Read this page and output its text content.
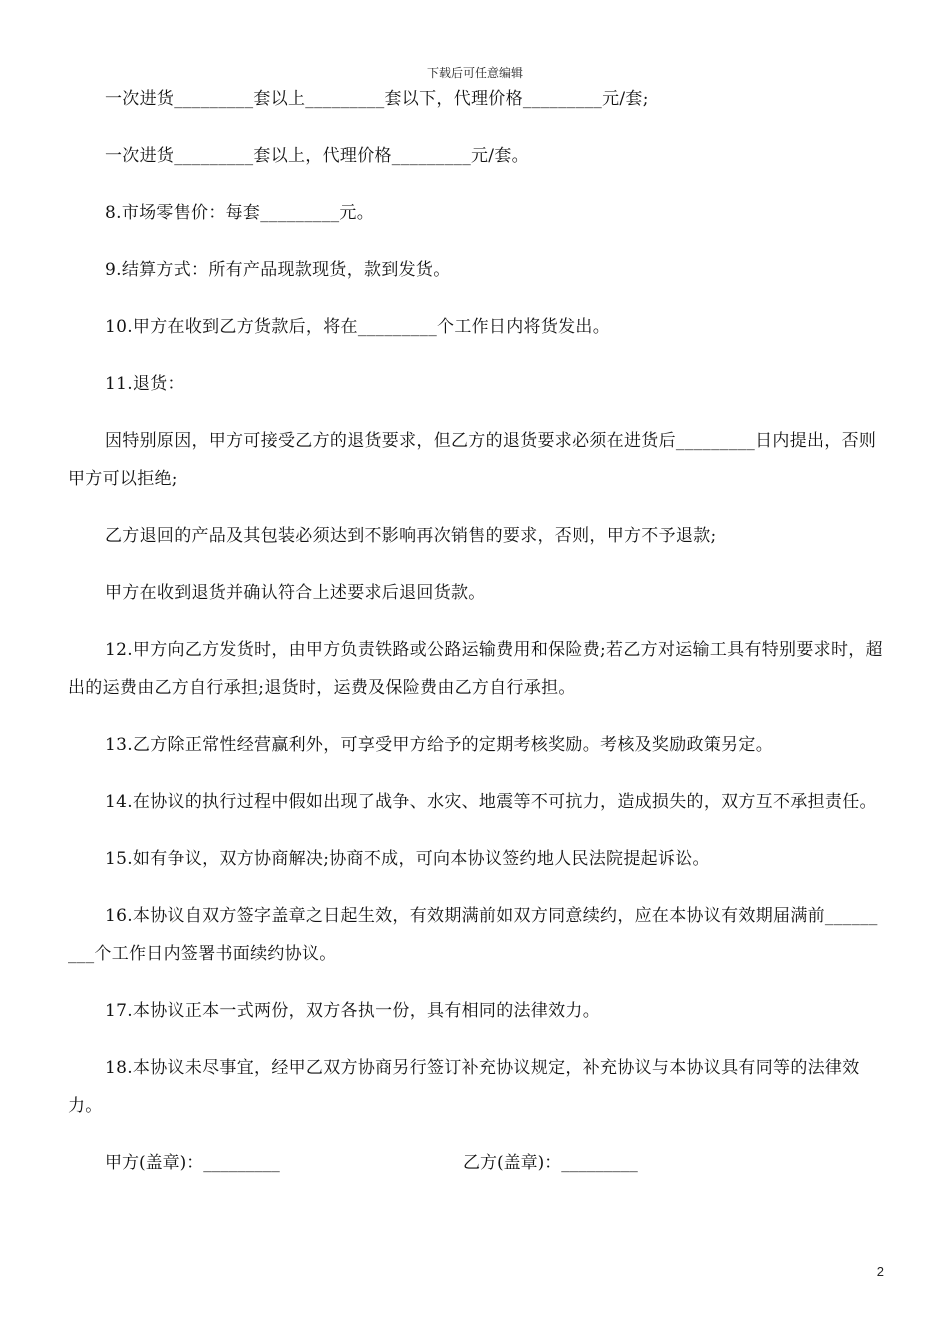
下载后可任意编辑

一次进货_________套以上_________套以下，代理价格_________元/套;

一次进货_________套以上，代理价格_________元/套。

8.市场零售价：每套_________元。

9.结算方式：所有产品现款现货，款到发货。

10.甲方在收到乙方货款后，将在_________个工作日内将货发出。

11.退货：

因特别原因，甲方可接受乙方的退货要求，但乙方的退货要求必须在进货后_________日内提出，否则甲方可以拒绝;

乙方退回的产品及其包装必须达到不影响再次销售的要求，否则，甲方不予退款;

甲方在收到退货并确认符合上述要求后退回货款。

12.甲方向乙方发货时，由甲方负责铁路或公路运输费用和保险费;若乙方对运输工具有特别要求时，超出的运费由乙方自行承担;退货时，运费及保险费由乙方自行承担。

13.乙方除正常性经营赢利外，可享受甲方给予的定期考核奖励。考核及奖励政策另定。

14.在协议的执行过程中假如出现了战争、水灾、地震等不可抗力，造成损失的，双方互不承担责任。

15.如有争议，双方协商解决;协商不成，可向本协议签约地人民法院提起诉讼。

16.本协议自双方签字盖章之日起生效，有效期满前如双方同意续约，应在本协议有效期届满前_________个工作日内签署书面续约协议。

17.本协议正本一式两份，双方各执一份，具有相同的法律效力。

18.本协议未尽事宜，经甲乙双方协商另行签订补充协议规定，补充协议与本协议具有同等的法律效力。

甲方(盖章)：_________	乙方(盖章)：_________
2
